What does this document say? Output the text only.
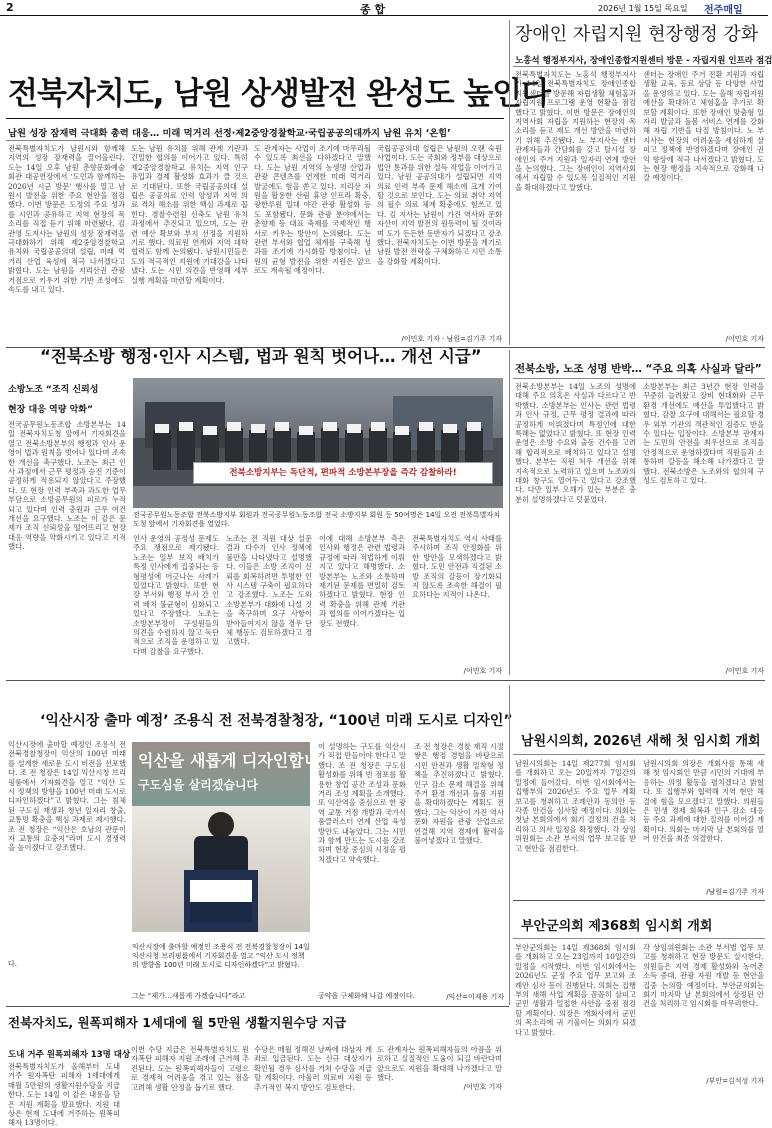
2	종 합	2026년 1월 15일 목요일 전주매일
전북자치도, 남원 상생발전 완성도 높인다
남원 성장 잠재력 극대화 총력 대응… 미래 먹거리 선정·제2중앙경찰학교·국립공공의대까지 남원 유치 ‘온힘’
전북특별자치도가 남원시와 함께해 지역의 성장 잠재력을 끌어올린다. 도는 14일 오후 남원 춘향문화예술회관 대공연장에서 ‘도민과 함께하는 2026년 시군 방문’ 행사를 열고 남원시 발전을 위한 주요 현안을 점검했다. 이번 방문은 도정의 주요 성과를 시민과 공유하고 지역 현장의 목소리를 직접 듣기 위해 마련됐다. 김관영 도지사는 남원의 성장 잠재력을 극대화하기 위해 제2중앙경찰학교 유치와 국립공공의대 설립, 미래 먹거리 산업 육성에 적극 나서겠다고 밝혔다. 도는 남원을 지리산권 관광 거점으로 키우기 위한 기반 조성에도 속도를 내고 있다.
도는 남원 유치를 위해 관계 기관과 긴밀한 협의를 이어가고 있다. 특히 제2중앙경찰학교 유치는 지역 인구 유입과 경제 활성화 효과가 클 것으로 기대된다. 또한 국립공공의대 설립은 공공의료 인력 양성과 지역 의료 격차 해소를 위한 핵심 과제로 꼽힌다. 경찰수련원 신축도 남원 유치 과정에서 추진되고 있으며, 도는 관련 예산 확보와 부지 선정을 지원하기로 했다. 의료원 연계와 지역 대학 협력도 함께 논의됐다. 남원시민들은 도의 적극적인 지원에 기대감을 나타냈다. 도는 시민 의견을 반영해 세부 실행 계획을 마련할 계획이다.
도 관계자는 사업이 조기에 마무리될 수 있도록 최선을 다하겠다고 말했다. 도는 남원 지역의 농생명 산업과 관광 콘텐츠를 연계한 미래 먹거리 발굴에도 힘을 쏟고 있다. 지리산 자원을 활용한 산림 휴양 인프라 확충, 광한루원 일대 야간 관광 활성화 등도 포함됐다. 문화 관광 분야에서는 춘향제 등 대표 축제를 국제적인 행사로 키우는 방안이 논의됐다. 도는 관련 부서와 협업 체계를 구축해 성과를 조기에 가시화할 방침이다. 남원의 균형 발전을 위한 지원은 앞으로도 계속될 예정이다.
국립공공의대 설립은 남원의 오랜 숙원 사업이다. 도는 국회와 정부를 대상으로 법안 통과를 위한 설득 작업을 이어가고 있다. 남원 공공의대가 설립되면 지역 의료 인력 부족 문제 해소에 크게 기여할 것으로 보인다. 도는 의료 취약 지역의 필수 의료 체계 확충에도 힘쓰고 있다. 김 지사는 남원이 가진 역사와 문화 자산이 지역 발전의 원동력이 될 것이라며 도가 든든한 동반자가 되겠다고 강조했다. 전북자치도는 이번 방문을 계기로 남원 발전 전략을 구체화하고 시민 소통을 강화할 계획이다.
/이민호 기자 · 남원=김기주 기자
장애인 자립지원 현장행정 강화
노홍석 행정부지사, 장애인종합지원센터 방문 - 자립지원 인프라 점검
전북특별자치도는 노홍석 행정부지사가 14일 전북특별자치도 장애인종합지원센터를 방문해 자립생활 체험홈과 자립지원 프로그램 운영 현황을 점검했다고 밝혔다. 이번 방문은 장애인의 지역사회 자립을 지원하는 현장의 목소리를 듣고 제도 개선 방안을 마련하기 위해 추진됐다. 노 부지사는 센터 관계자들과 간담회를 갖고 탈시설 장애인의 주거 지원과 일자리 연계 방안을 논의했다. 그는 장애인이 지역사회에서 자립할 수 있도록 실질적인 지원을 확대하겠다고 말했다.
센터는 장애인 주거 전환 지원과 자립생활 교육, 동료 상담 등 다양한 사업을 운영하고 있다. 도는 올해 자립지원 예산을 확대하고 체험홈을 추가로 확보할 계획이다. 또한 장애인 맞춤형 일자리 발굴과 돌봄 서비스 연계를 강화해 자립 기반을 다질 방침이다. 노 부지사는 현장의 어려움을 세심하게 살피고 정책에 반영하겠다며 장애인 권익 향상에 적극 나서겠다고 밝혔다. 도는 현장 행정을 지속적으로 강화해 나갈 예정이다.
/이민호 기자
“전북소방 행정·인사 시스템, 법과 원칙 벗어나… 개선 시급”
소방노조 “조직 신뢰성
현장 대응 역량 악화”
전국공무원노동조합 소방본부는 14일 전북자치도청 앞에서 기자회견을 열고 전북소방본부의 행정과 인사 운영이 법과 원칙을 벗어나 있다며 조속한 개선을 촉구했다. 노조는 최근 인사 과정에서 근무 평정과 승진 기준이 공정하게 적용되지 않았다고 주장했다. 또 현장 인력 부족과 과도한 업무 부담으로 소방공무원의 피로가 누적되고 있다며 인력 충원과 근무 여건 개선을 요구했다. 노조는 이 같은 문제가 조직 신뢰성을 떨어뜨리고 현장 대응 역량을 약화시키고 있다고 지적했다.
전북소방지부는 독단적, 편파적 소방본부장을 즉각 감찰하라!
전국공무원노동조합 전북소방지부 회원과 전국공무원노동조합 전국 소방지부 회원 등 50여명은 14일 오전 전북특별자치도청 앞에서 기자회견을 열었다.
인사 운영의 공정성 문제도 주요 쟁점으로 제기됐다. 노조는 일부 보직 배치가 특정 인사에게 집중되는 등 형평성에 어긋나는 사례가 있었다고 밝혔다. 또한 현장 부서와 행정 부서 간 인력 배치 불균형이 심화되고 있다고 주장했다. 노조는 소방본부장이 구성원들의 의견을 수렴하지 않고 독단적으로 조직을 운영하고 있다며 감찰을 요구했다.
노조는 전 직원 대상 설문 결과 다수가 인사 정책에 불만을 나타냈다고 설명했다. 이들은 소방 조직이 신뢰를 회복하려면 투명한 인사 시스템 구축이 필요하다고 강조했다. 노조는 도와 소방본부가 대화에 나설 것을 촉구하며 요구 사항이 받아들여지지 않을 경우 단체 행동도 검토하겠다고 경고했다.
이에 대해 소방본부 측은 인사와 행정은 관련 법령과 규정에 따라 적법하게 이뤄지고 있다고 해명했다. 소방본부는 노조와 소통하며 제기된 문제를 면밀히 검토하겠다고 밝혔다. 현장 인력 확충을 위해 관계 기관과 협의를 이어가겠다는 입장도 전했다.
전북특별자치도 역시 사태를 주시하며 조직 안정화를 위한 방안을 모색하겠다고 밝혔다. 도민 안전과 직결된 소방 조직의 갈등이 장기화되지 않도록 조속한 해결이 필요하다는 지적이 나온다.
/이민호 기자
전북소방, 노조 성명 반박… “주요 의혹 사실과 달라”
전북소방본부는 14일 노조의 성명에 대해 주요 의혹은 사실과 다르다고 반박했다. 소방본부는 인사는 관련 법령과 인사 규정, 근무 평정 결과에 따라 공정하게 이뤄졌다며 특정인에 대한 특혜는 없었다고 밝혔다. 또 현장 인력 운영은 소방 수요와 출동 건수를 고려해 합리적으로 배치하고 있다고 설명했다. 본부는 직원 처우 개선을 위해 지속적으로 노력하고 있으며 노조와의 대화 창구도 열어두고 있다고 강조했다. 다만 일부 오해가 있는 부분은 충분히 설명하겠다고 덧붙였다.
소방본부는 최근 3년간 현장 인력을 꾸준히 늘려왔고 장비 현대화와 근무 환경 개선에도 예산을 투입했다고 밝혔다. 감찰 요구에 대해서는 필요할 경우 외부 기관의 객관적인 검증도 받을 수 있다는 입장이다. 소방본부 관계자는 도민의 안전을 최우선으로 조직을 안정적으로 운영하겠다며 직원들과 소통하며 갈등을 해소해 나가겠다고 말했다. 전북소방은 노조와의 협의체 구성도 검토하고 있다.
/이민호 기자
‘익산시장 출마 예정’ 조용식 전 전북경찰청장, “100년 미래 도시로 디자인”
익산시장에 출마할 예정인 조용식 전 전북경찰청장이 익산의 100년 미래를 설계한 새로운 도시 비전을 선포했다. 조 전 청장은 14일 익산시청 브리핑룸에서 기자회견을 열고 “익산 도시 정책의 방향을 100년 미래 도시로 디자인하겠다”고 밝혔다. 그는 침체된 구도심 재생과 청년 일자리 창출, 교통망 확충을 핵심 과제로 제시했다. 조 전 청장은 “익산은 호남의 관문이자 교통의 요충지”라며 도시 경쟁력을 높이겠다고 강조했다.
익산을 새롭게 디자인합니다
구도심을 살리겠습니다
익산시장에 출마할 예정인 조용식 전 전북경찰청장이 14일 익산시청 브리핑룸에서 기자회견을 열고 “익산 도시 정책의 방향을 100년 미래 도시로 디자인하겠다”고 밝혔다.
다.
그는 “제가…새롭게 가겠습니다”라고
이 설명하는 구도를 익산시가 직접 만들어야 한다고 말했다. 조 전 청장은 구도심 활성화를 위해 빈 점포를 활용한 창업 공간 조성과 문화 거리 조성 계획을 소개했다. 또 익산역을 중심으로 한 광역 교통 거점 개발과 국가식품클러스터 연계 산업 육성 방안도 내놓았다. 그는 시민과 함께 만드는 도시를 강조하며 현장 중심의 시정을 펼치겠다고 약속했다.
조 전 청장은 경찰 재직 시절 쌓은 행정 경험을 바탕으로 시민 안전과 생활 밀착형 정책을 추진하겠다고 밝혔다. 인구 감소 문제 해결을 위해 주거 환경 개선과 돌봄 지원을 확대하겠다는 계획도 전했다. 그는 익산이 가진 역사 문화 자원을 관광 산업으로 연결해 지역 경제에 활력을 불어넣겠다고 말했다.
공약을 구체화해 나갈 예정이다.	/익산=이재용 기자
남원시의회, 2026년 새해 첫 임시회 개회
남원시의회는 14일 제277회 임시회를 개회하고 오는 20일까지 7일간의 일정에 들어갔다. 이번 임시회에서는 집행부의 2026년도 주요 업무 계획 보고를 청취하고 조례안과 동의안 등 각종 안건을 심사할 예정이다. 의회는 첫날 본회의에서 회기 결정의 건을 처리하고 의사 일정을 확정했다. 각 상임위원회는 소관 부서의 업무 보고를 받고 현안을 점검한다.
남원시의회 의장은 개회사를 통해 새해 첫 임시회인 만큼 시민의 기대에 부응하는 의정 활동을 펼치겠다고 밝혔다. 또 집행부와 협력해 지역 현안 해결에 힘을 모으겠다고 말했다. 의원들은 민생 경제 회복과 인구 감소 대응 등 주요 과제에 대한 질의를 이어갈 계획이다. 의회는 마지막 날 본회의를 열어 안건을 최종 의결한다.
/남원=김기주 기자
부안군의회 제368회 임시회 개회
부안군의회는 14일 제368회 임시회를 개회하고 오는 23일까지 10일간의 일정을 시작했다. 이번 임시회에서는 2026년도 군정 주요 업무 보고와 조례안 심사 등이 진행된다. 의회는 집행부의 새해 사업 계획을 꼼꼼히 살피고 군민 생활과 밀접한 사안을 중점 점검할 계획이다. 의장은 개회사에서 군민의 목소리에 귀 기울이는 의회가 되겠다고 밝혔다.
각 상임위원회는 소관 부서별 업무 보고를 청취하고 현장 방문도 실시한다. 의원들은 지역 경제 활성화와 농어촌 소득 증대, 관광 자원 개발 등 현안을 집중 논의할 예정이다. 부안군의회는 회기 마지막 날 본회의에서 상정된 안건을 처리하고 임시회를 마무리한다.
/부안=김석성 기자
전북자치도, 원폭피해자 1세대에 월 5만원 생활지원수당 지급
도내 거주 원폭피해자 13명 대상
전북특별자치도가 올해부터 도내 거주 원자폭탄 피해자 1세대에게 매월 5만원의 생활지원수당을 지급한다. 도는 14일 이 같은 내용을 담은 지원 계획을 발표했다. 지원 대상은 현재 도내에 거주하는 원폭피해자 13명이다.
이번 수당 지급은 전북특별자치도 원자폭탄 피해자 지원 조례에 근거해 추진된다. 도는 원폭피해자들이 고령으로 경제적 어려움을 겪고 있는 점을 고려해 생활 안정을 돕기로 했다.
수당은 매월 정해진 날짜에 대상자 계좌로 입금된다. 도는 신규 대상자가 확인될 경우 심사를 거쳐 수당을 지급할 계획이다. 아울러 의료비 지원 등 추가적인 복지 방안도 검토한다.
도 관계자는 원폭피해자들의 아픔을 위로하고 실질적인 도움이 되길 바란다며 앞으로도 지원을 확대해 나가겠다고 말했다.
/이민호 기자
